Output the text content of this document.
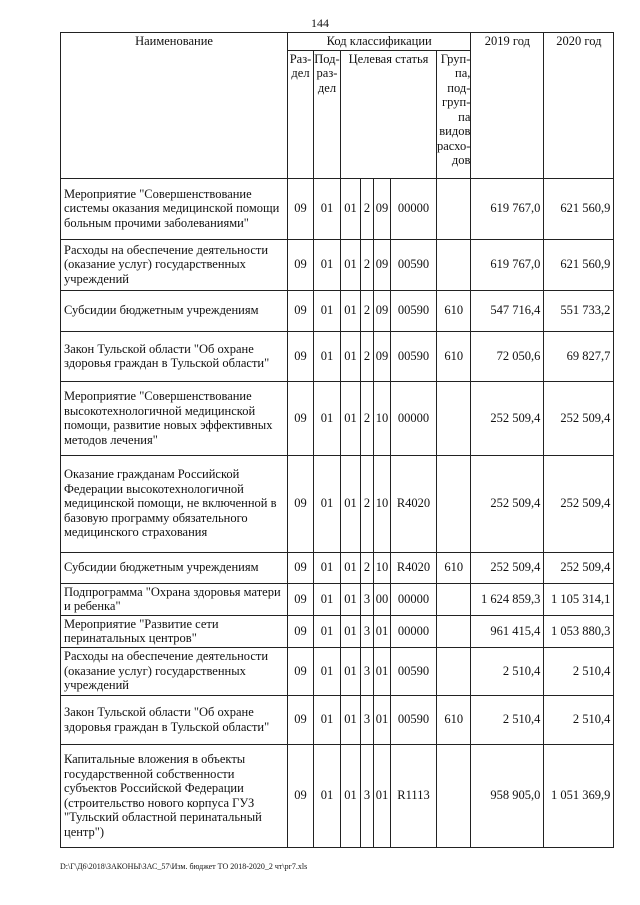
144
Наименование	Код классификации							2019 год	2020 год
	Раз-дел	Под-раз-дел	Целевая статья				Груп-па, под-груп-па видов расхо-дов		
Мероприятие "Совершенствование системы оказания медицинской помощи больным прочими заболеваниями"	09	01	01	2	09	00000		619 767,0	621 560,9
Расходы на обеспечение деятельности (оказание услуг) государственных учреждений	09	01	01	2	09	00590		619 767,0	621 560,9
Субсидии бюджетным учреждениям	09	01	01	2	09	00590	610	547 716,4	551 733,2
Закон Тульской области "Об охране здоровья граждан в Тульской области"	09	01	01	2	09	00590	610	72 050,6	69 827,7
Мероприятие "Совершенствование высокотехнологичной медицинской помощи, развитие новых эффективных методов лечения"	09	01	01	2	10	00000		252 509,4	252 509,4
Оказание гражданам Российской Федерации высокотехнологичной медицинской помощи, не включенной в базовую программу обязательного медицинского страхования	09	01	01	2	10	R4020		252 509,4	252 509,4
Субсидии бюджетным учреждениям	09	01	01	2	10	R4020	610	252 509,4	252 509,4
Подпрограмма "Охрана здоровья матери и ребенка"	09	01	01	3	00	00000		1 624 859,3	1 105 314,1
Мероприятие "Развитие сети перинатальных центров"	09	01	01	3	01	00000		961 415,4	1 053 880,3
Расходы на обеспечение деятельности (оказание услуг) государственных учреждений	09	01	01	3	01	00590		2 510,4	2 510,4
Закон Тульской области "Об охране здоровья граждан в Тульской области"	09	01	01	3	01	00590	610	2 510,4	2 510,4
Капитальные вложения в объекты государственной собственности субъектов Российской Федерации (строительство нового корпуса ГУЗ "Тульский областной перинатальный центр")	09	01	01	3	01	R1113		958 905,0	1 051 369,9
D:\Г\Д6\2018\ЗАКОНЫ\ЗАС_57\Изм. бюджет ТО 2018-2020_2 чт\рг7.xls
